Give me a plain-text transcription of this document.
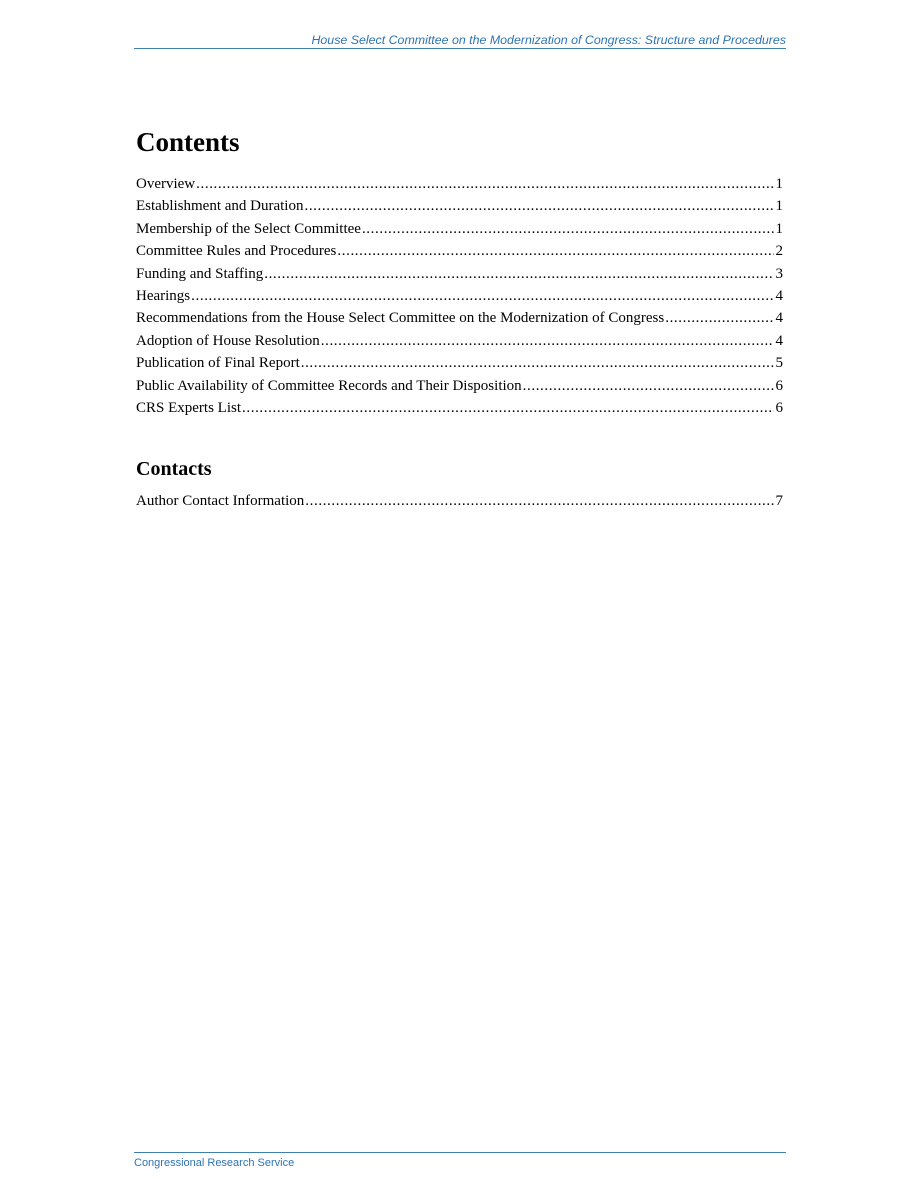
House Select Committee on the Modernization of Congress: Structure and Procedures
Contents
Overview .....	1
Establishment and Duration .....	1
Membership of the Select Committee .....	1
Committee Rules and Procedures .....	2
Funding and Staffing .....	3
Hearings .....	4
Recommendations from the House Select Committee on the Modernization of Congress .....	4
Adoption of House Resolution .....	4
Publication of Final Report .....	5
Public Availability of Committee Records and Their Disposition .....	6
CRS Experts List .....	6
Contacts
Author Contact Information .....	7
Congressional Research Service
